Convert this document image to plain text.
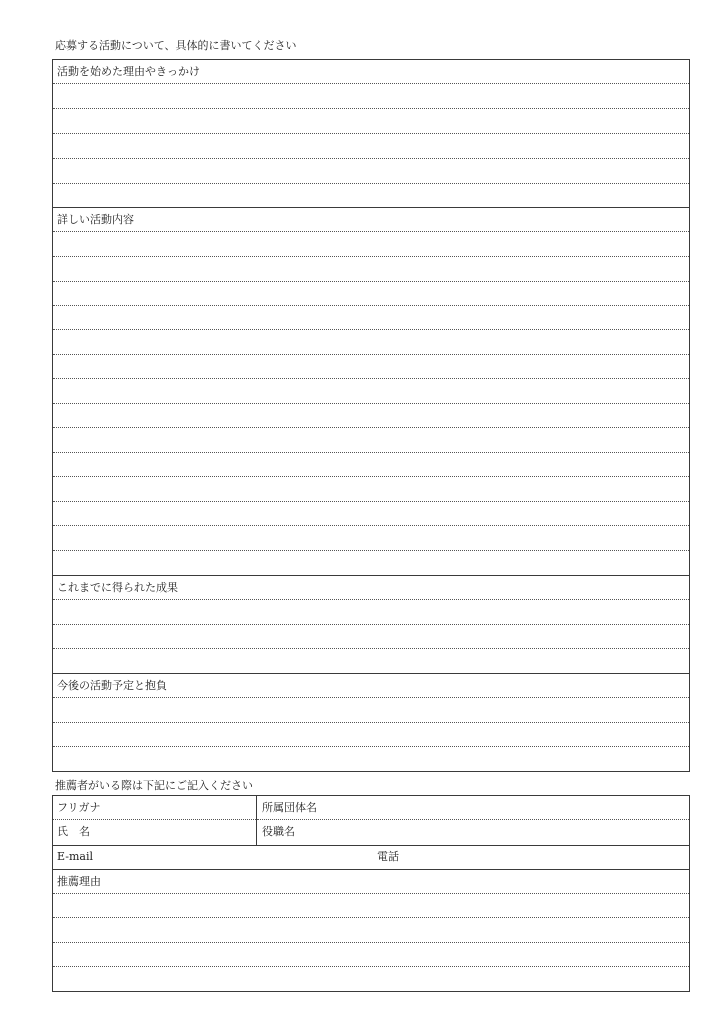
応募する活動について、具体的に書いてください
活動を始めた理由やきっかけ
詳しい活動内容
これまでに得られた成果
今後の活動予定と抱負
推薦者がいる際は下記にご記入ください
フリガナ	所属団体名
氏　名	役職名
E-mail	電話
推薦理由
